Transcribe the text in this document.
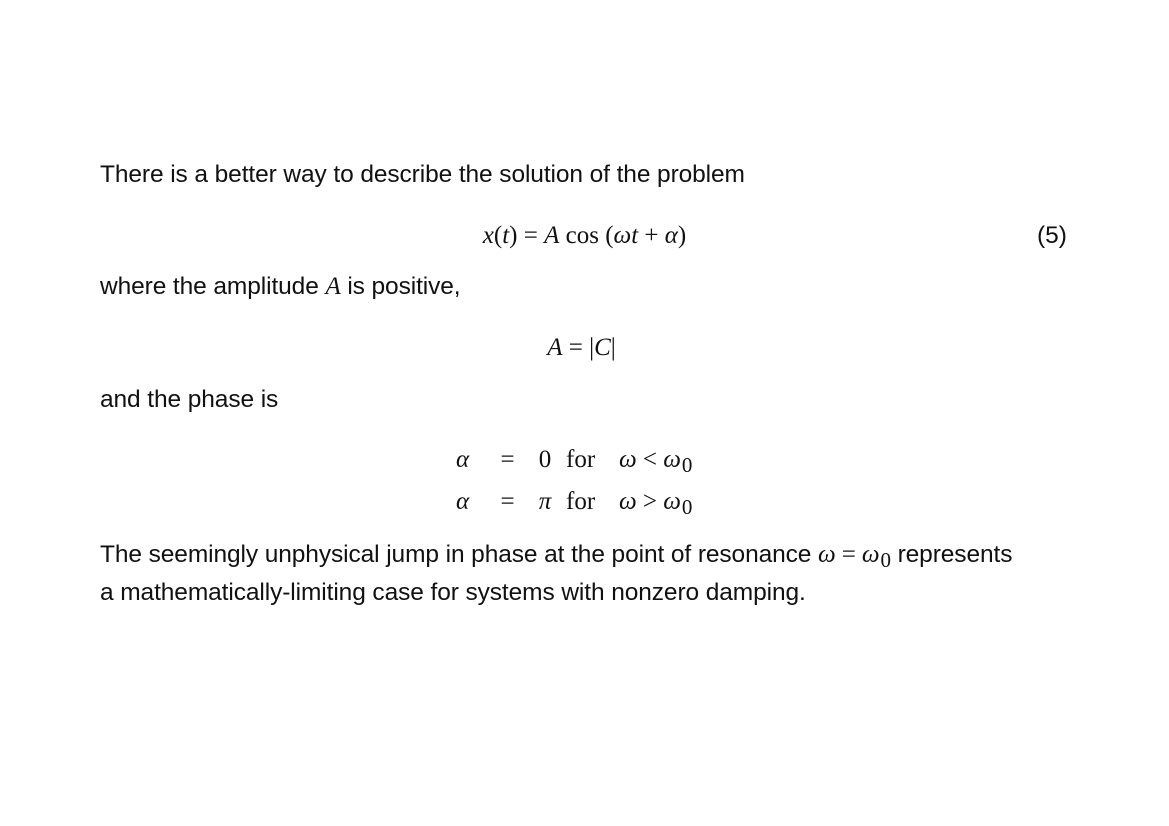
There is a better way to describe the solution of the problem
x(t) = A cos (ωt + α)	(5)
where the amplitude A is positive,
A = |C|
and the phase is
α = 0 for ω < ω0
α = π for ω > ω0
The seemingly unphysical jump in phase at the point of resonance $\omega = \omega_0$ represents
a mathematically-limiting case for systems with nonzero damping.
